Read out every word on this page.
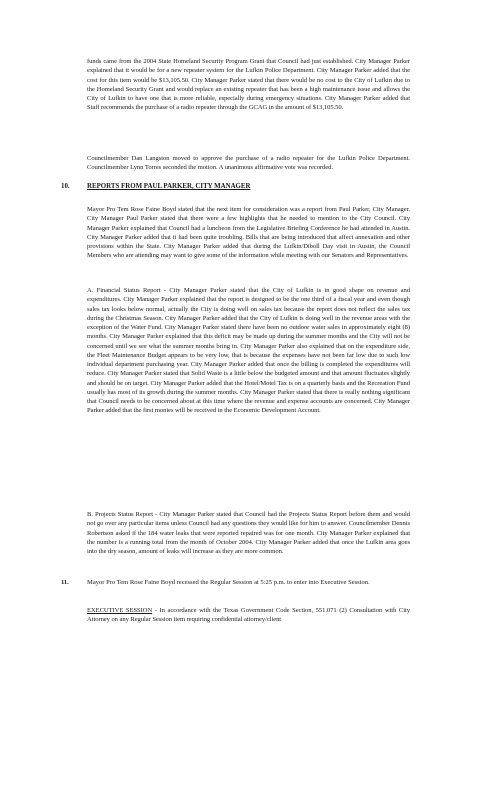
funds came from the 2004 State Homeland Security Program Grant that Council had just established. City Manager Parker explained that it would be for a new repeater system for the Lufkin Police Department. City Manager Parker added that the cost for this item would be $13,105.50. City Manager Parker stated that there would be no cost to the City of Lufkin due to the Homeland Security Grant and would replace an existing repeater that has been a high maintenance issue and allows the City of Lufkin to have one that is more reliable, especially during emergency situations. City Manager Parker added that Staff recommends the purchase of a radio repeater through the GCAG in the amount of $13,105.50.

Councilmember Dan Langston moved to approve the purchase of a radio repeater for the Lufkin Police Department. Councilmember Lynn Torres seconded the motion. A unanimous affirmative vote was recorded.

10.	REPORTS FROM PAUL PARKER, CITY MANAGER

Mayor Pro Tem Rose Faine Boyd stated that the next item for consideration was a report from Paul Parker, City Manager. City Manager Paul Parker stated that there were a few highlights that he needed to mention to the City Council. City Manager Parker explained that Council had a luncheon from the Legislative Briefing Conference he had attended in Austin. City Manager Parker added that it had been quite troubling. Bills that are being introduced that affect annexation and other provisions within the State. City Manager Parker added that during the Lufkin/Diboll Day visit in Austin, the Council Members who are attending may want to give some of the information while meeting with our Senators and Representatives.

A. Financial Status Report - City Manager Parker stated that the City of Lufkin is in good shape on revenue and expenditures. City Manager Parker explained that the report is designed to be the one third of a fiscal year and even though sales tax looks below normal, actually the City is doing well on sales tax because the report does not reflect the sales tax during the Christmas Season. City Manager Parker added that the City of Lufkin is doing well in the revenue areas with the exception of the Water Fund. City Manager Parker stated there have been no outdoor water sales in approximately eight (8) months. City Manager Parker explained that this deficit may be made up during the summer months and the City will not be concerned until we see what the summer months bring in. City Manager Parker also explained that on the expenditure side, the Fleet Maintenance Budget appears to be very low, that is because the expenses have not been far low due to such low individual department purchasing year. City Manager Parker added that once the billing is completed the expenditures will reduce. City Manager Parker stated that Solid Waste is a little below the budgeted amount and that amount fluctuates slightly and should be on target. City Manager Parker added that the Hotel/Motel Tax is on a quarterly basis and the Recreation Fund usually has most of its growth during the summer months. City Manager Parker stated that there is really nothing significant that Council needs to be concerned about at this time where the revenue and expense accounts are concerned. City Manager Parker added that the first monies will be received in the Economic Development Account.

B. Projects Status Report - City Manager Parker stated that Council had the Projects Status Report before them and would not go over any particular items unless Council had any questions they would like for him to answer. Councilmember Dennis Robertson asked if the 184 water leaks that were reported repaired was for one month. City Manager Parker explained that the number is a running total from the month of October 2004. City Manager Parker added that once the Lufkin area goes into the dry season, amount of leaks will increase as they are more common.

11.	Mayor Pro Tem Rose Faine Boyd recessed the Regular Session at 5:25 p.m. to enter into Executive Session.

EXECUTIVE SESSION - In accordance with the Texas Government Code Section, 551.071 (2) Consultation with City Attorney on any Regular Session item requiring confidential attorney/client
